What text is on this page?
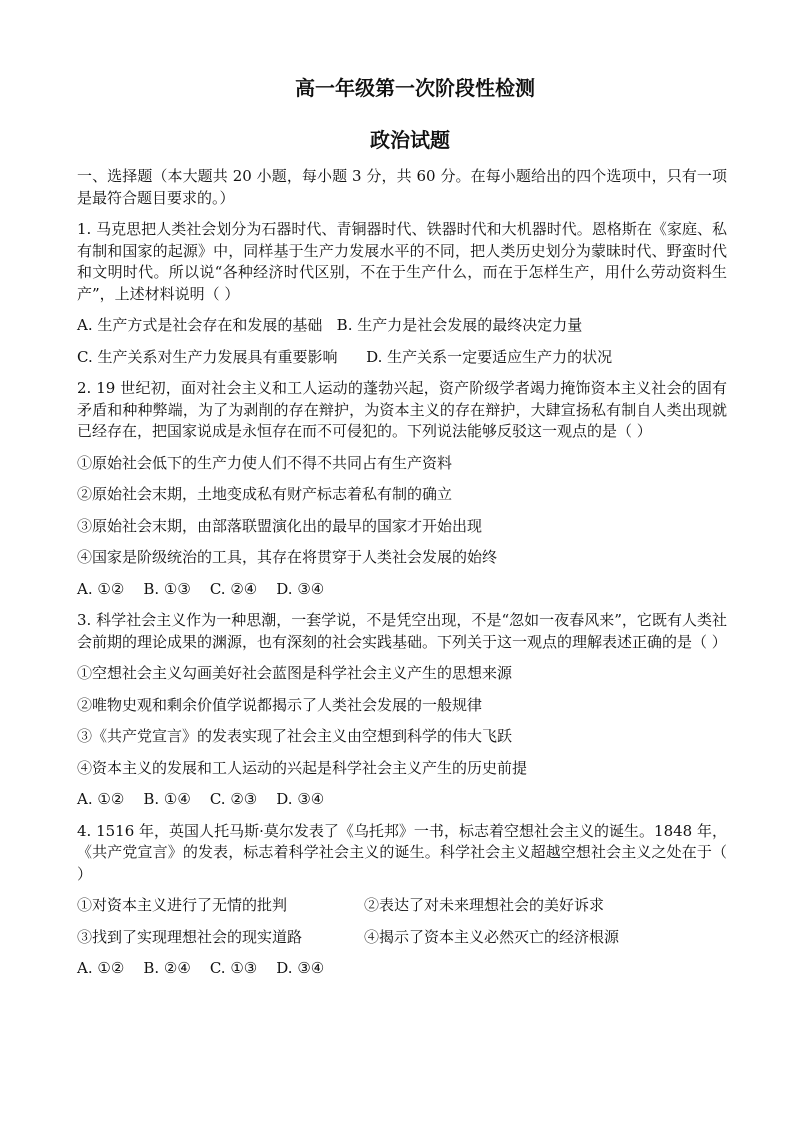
高一年级第一次阶段性检测
政治试题

一、选择题（本大题共 20 小题，每小题 3 分，共 60 分。在每小题给出的四个选项中，只有一项是最符合题目要求的。）

1. 马克思把人类社会划分为石器时代、青铜器时代、铁器时代和大机器时代。恩格斯在《家庭、私有制和国家的起源》中，同样基于生产力发展水平的不同，把人类历史划分为蒙昧时代、野蛮时代和文明时代。所以说“各种经济时代区别，不在于生产什么，而在于怎样生产，用什么劳动资料生产”，上述材料说明（ ）

A. 生产方式是社会存在和发展的基础   B. 生产力是社会发展的最终决定力量

C. 生产关系对生产力发展具有重要影响      D. 生产关系一定要适应生产力的状况

2. 19 世纪初，面对社会主义和工人运动的蓬勃兴起，资产阶级学者竭力掩饰资本主义社会的固有矛盾和种种弊端，为了为剥削的存在辩护，为资本主义的存在辩护，大肆宣扬私有制自人类出现就已经存在，把国家说成是永恒存在而不可侵犯的。下列说法能够反驳这一观点的是（ ）

①原始社会低下的生产力使人们不得不共同占有生产资料

②原始社会末期，土地变成私有财产标志着私有制的确立

③原始社会末期，由部落联盟演化出的最早的国家才开始出现

④国家是阶级统治的工具，其存在将贯穿于人类社会发展的始终

A. ①②    B. ①③    C. ②④    D. ③④

3. 科学社会主义作为一种思潮，一套学说，不是凭空出现，不是“忽如一夜春风来”，它既有人类社会前期的理论成果的渊源，也有深刻的社会实践基础。下列关于这一观点的理解表述正确的是（ ）

①空想社会主义勾画美好社会蓝图是科学社会主义产生的思想来源

②唯物史观和剩余价值学说都揭示了人类社会发展的一般规律

③《共产党宣言》的发表实现了社会主义由空想到科学的伟大飞跃

④资本主义的发展和工人运动的兴起是科学社会主义产生的历史前提

A. ①②    B. ①④    C. ②③    D. ③④

4. 1516 年，英国人托马斯·莫尔发表了《乌托邦》一书，标志着空想社会主义的诞生。1848 年，《共产党宣言》的发表，标志着科学社会主义的诞生。科学社会主义超越空想社会主义之处在于（ ）

①对资本主义进行了无情的批判	②表达了对未来理想社会的美好诉求
③找到了实现理想社会的现实道路	④揭示了资本主义必然灭亡的经济根源

A. ①②    B. ②④    C. ①③    D. ③④
